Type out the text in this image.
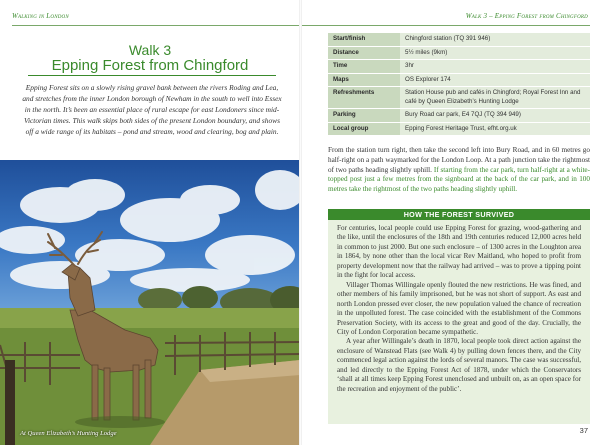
Walking in London
Walk 3
Epping Forest from Chingford

Epping Forest sits on a slowly rising gravel bank between the rivers Roding and Lea, and stretches from the inner London borough of Newham in the south to well into Essex in the north. It’s been an essential place of rural escape for east Londoners since mid-Victorian times. This walk skips both sides of the present London boundary, and shows off a wide range of its habitats – pond and stream, wood and clearing, bog and plain.

At Queen Elizabeth’s Hunting Lodge
Walk 3 – Epping Forest from Chingford
Start/finish	Chingford station (TQ 391 946)
Distance	5½ miles (9km)
Time	3hr
Maps	OS Explorer 174
Refreshments	Station House pub and cafés in Chingford; Royal Forest Inn and café by Queen Elizabeth’s Hunting Lodge
Parking	Bury Road car park, E4 7QJ (TQ 394 949)
Local group	Epping Forest Heritage Trust, efht.org.uk

From the station turn right, then take the second left into Bury Road, and in 60 metres go half-right on a path waymarked for the London Loop. At a path junction take the rightmost of two paths heading slightly uphill. If starting from the car park, turn half-right at a white-topped post just a few metres from the signboard at the back of the car park, and in 100 metres take the rightmost of the two paths heading slightly uphill.

HOW THE FOREST SURVIVED

For centuries, local people could use Epping Forest for grazing, wood-gathering and the like, until the enclosures of the 18th and 19th centuries reduced 12,000 acres held in common to just 2000. But one such enclosure – of 1300 acres in the Loughton area in 1864, by none other than the local vicar Rev Maitland, who hoped to profit from property development now that the railway had arrived – was to prove a tipping point in the fight for local access.

Villager Thomas Willingale openly flouted the new restrictions. He was fined, and other members of his family imprisoned, but he was not short of support. As east and north London pressed ever closer, the new population valued the chance of recreation in the unpolluted forest. The case coincided with the establishment of the Commons Preservation Society, with its access to the great and good of the day. Crucially, the City of London Corporation became sympathetic.

A year after Willingale’s death in 1870, local people took direct action against the enclosure of Wanstead Flats (see Walk 4) by pulling down fences there, and the City commenced legal action against the lords of several manors. The case was successful, and led directly to the Epping Forest Act of 1878, under which the Conservators ‘shall at all times keep Epping Forest unenclosed and unbuilt on, as an open space for the recreation and enjoyment of the public’.

37
